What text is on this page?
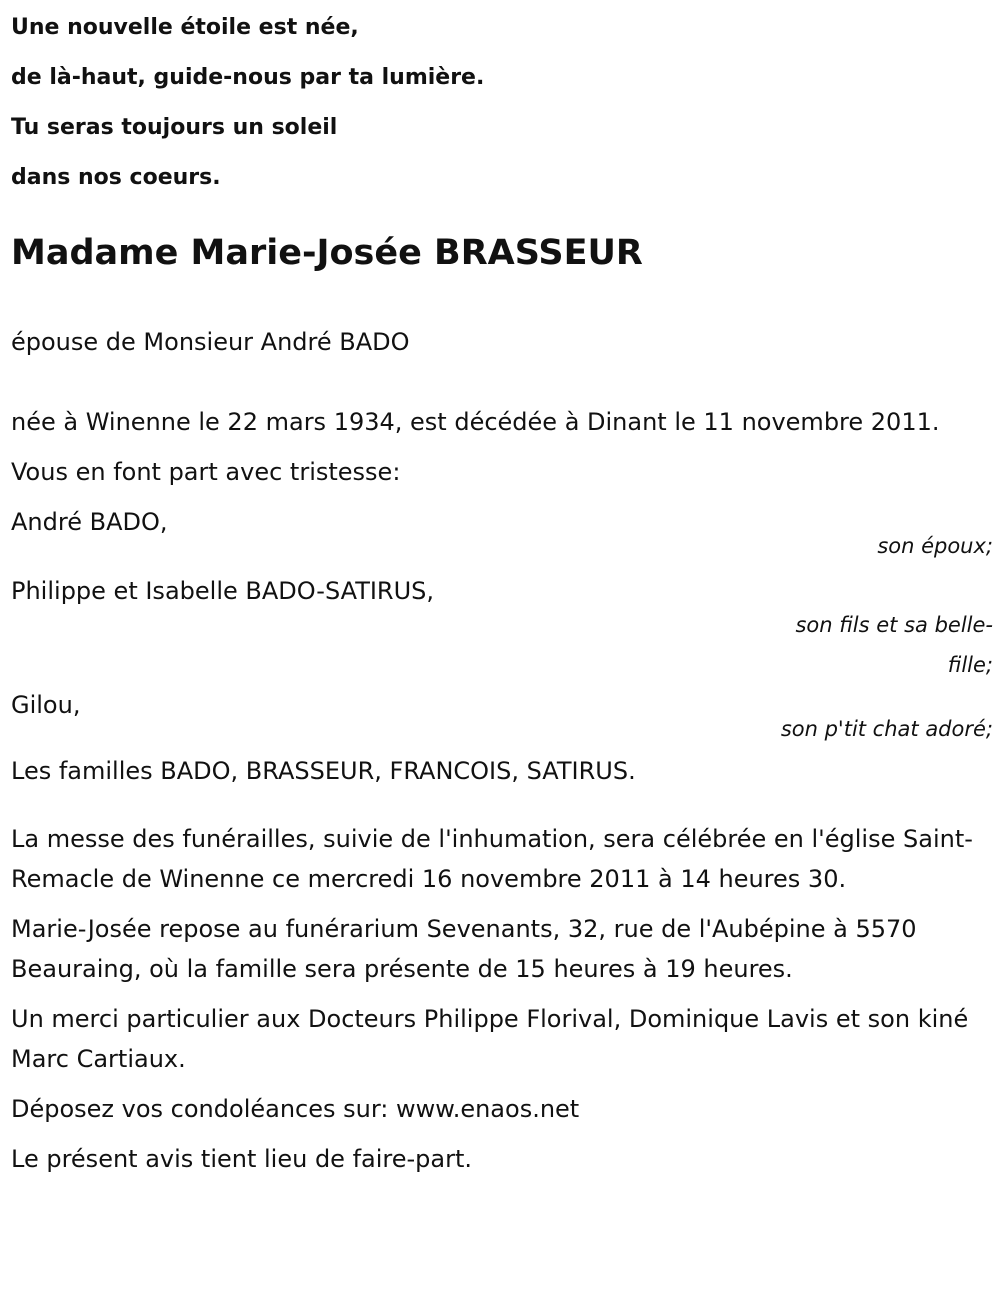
Une nouvelle étoile est née,
de là-haut, guide-nous par ta lumière.
Tu seras toujours un soleil
dans nos coeurs.
Madame Marie-Josée BRASSEUR

épouse de Monsieur André BADO

née à Winenne le 22 mars 1934, est décédée à Dinant le 11 novembre 2011.

Vous en font part avec tristesse:

André BADO,

son époux;

Philippe et Isabelle BADO-SATIRUS,

son fils et sa belle-fille;

Gilou,

son p'tit chat adoré;

Les familles BADO, BRASSEUR, FRANCOIS, SATIRUS.

La messe des funérailles, suivie de l'inhumation, sera célébrée en l'église Saint-Remacle de Winenne ce mercredi 16 novembre 2011 à 14 heures 30.

Marie-Josée repose au funérarium Sevenants, 32, rue de l'Aubépine à 5570 Beauraing, où la famille sera présente de 15 heures à 19 heures.

Un merci particulier aux Docteurs Philippe Florival, Dominique Lavis et son kiné Marc Cartiaux.

Déposez vos condoléances sur: www.enaos.net

Le présent avis tient lieu de faire-part.
